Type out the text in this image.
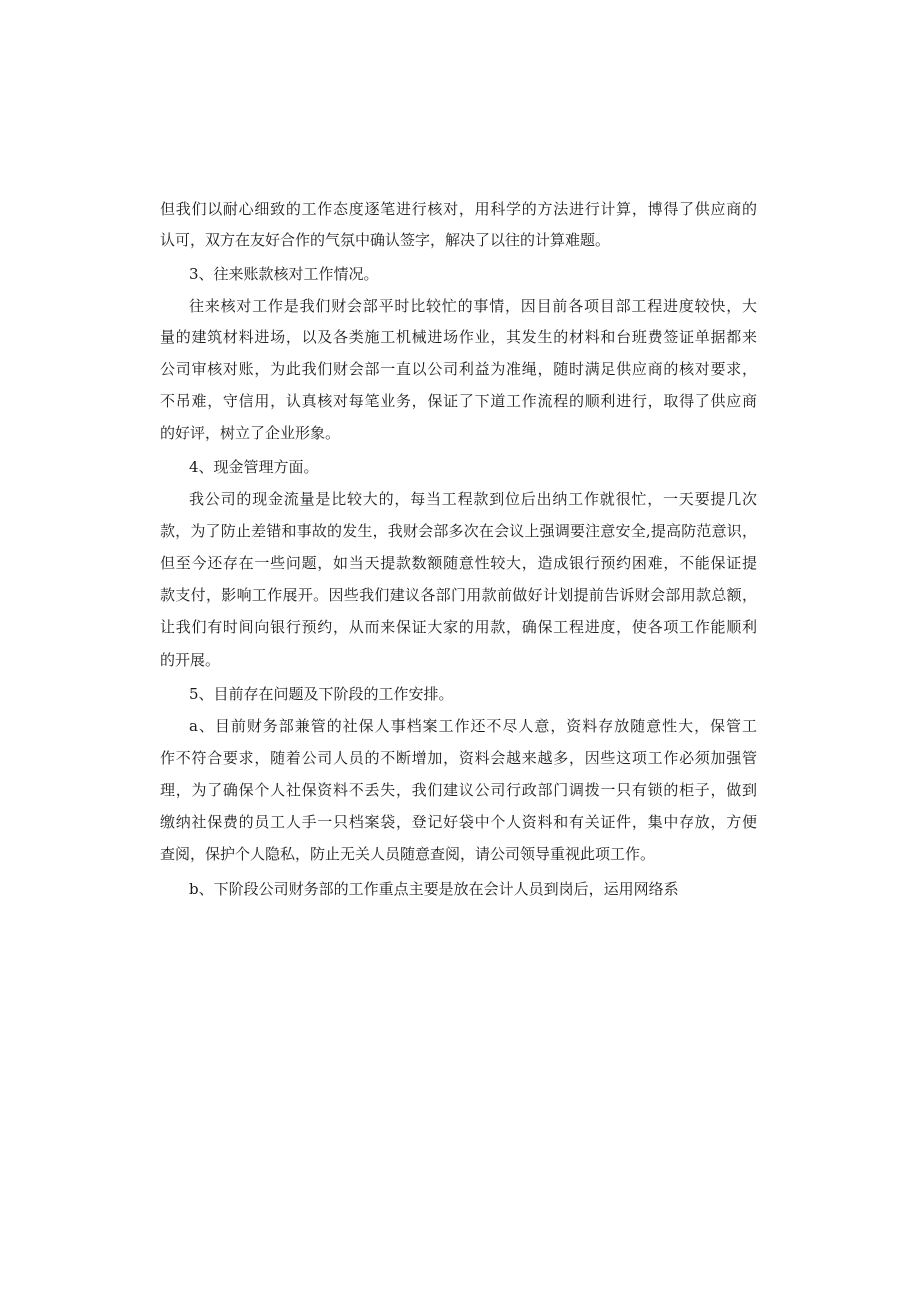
但我们以耐心细致的工作态度逐笔进行核对，用科学的方法进行计算，博得了供应商的
认可，双方在友好合作的气氛中确认签字，解决了以往的计算难题。
3、往来账款核对工作情况。
往来核对工作是我们财会部平时比较忙的事情，因目前各项目部工程进度较快，大
量的建筑材料进场，以及各类施工机械进场作业，其发生的材料和台班费签证单据都来
公司审核对账，为此我们财会部一直以公司利益为准绳，随时满足供应商的核对要求，
不吊难，守信用，认真核对每笔业务，保证了下道工作流程的顺利进行，取得了供应商
的好评，树立了企业形象。
4、现金管理方面。
我公司的现金流量是比较大的，每当工程款到位后出纳工作就很忙，一天要提几次
款，为了防止差错和事故的发生，我财会部多次在会议上强调要注意安全,提高防范意识，
但至今还存在一些问题，如当天提款数额随意性较大，造成银行预约困难，不能保证提
款支付，影响工作展开。因些我们建议各部门用款前做好计划提前告诉财会部用款总额，
让我们有时间向银行预约，从而来保证大家的用款，确保工程进度，使各项工作能顺利
的开展。
5、目前存在问题及下阶段的工作安排。
a、目前财务部兼管的社保人事档案工作还不尽人意，资料存放随意性大，保管工
作不符合要求，随着公司人员的不断增加，资料会越来越多，因些这项工作必须加强管
理，为了确保个人社保资料不丢失，我们建议公司行政部门调拨一只有锁的柜子，做到
缴纳社保费的员工人手一只档案袋，登记好袋中个人资料和有关证件，集中存放，方便
查阅，保护个人隐私，防止无关人员随意查阅，请公司领导重视此项工作。
b、下阶段公司财务部的工作重点主要是放在会计人员到岗后，运用网络系
